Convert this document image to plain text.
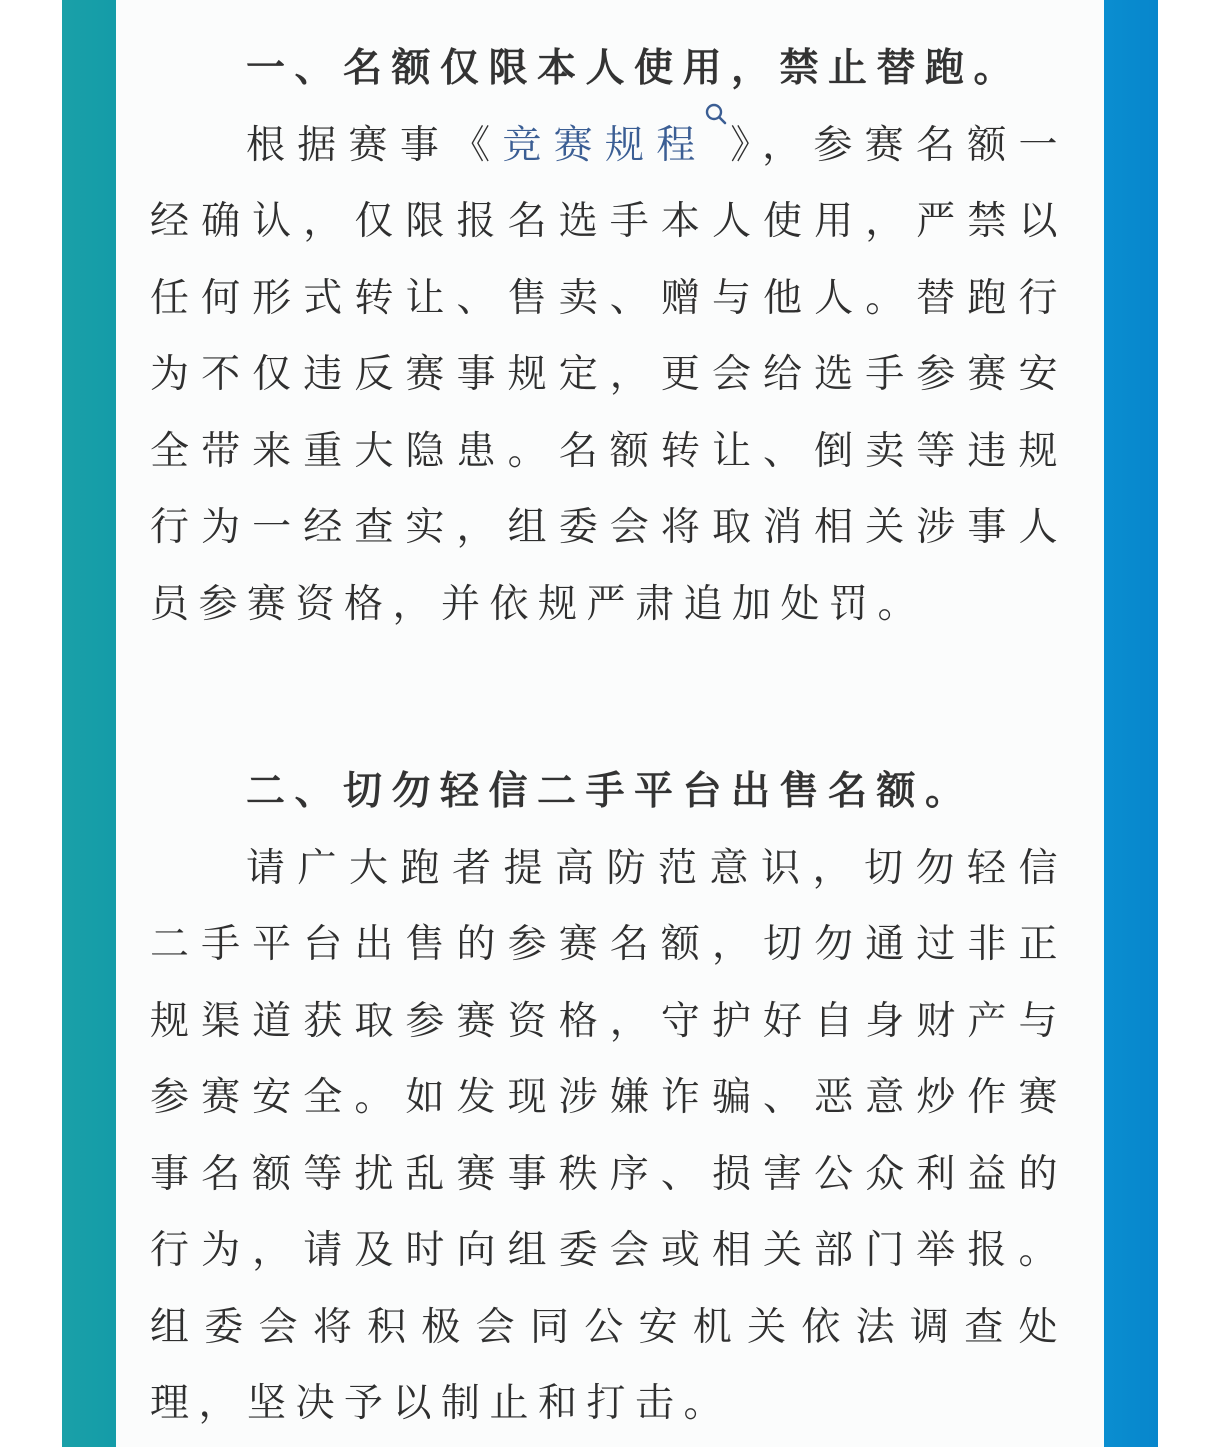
一、名额仅限本人使用，禁止替跑。

根据赛事《竞赛规程 》，参赛名额一经确认，仅限报名选手本人使用，严禁以任何形式转让、售卖、赠与他人。替跑行为不仅违反赛事规定，更会给选手参赛安全带来重大隐患。名额转让、倒卖等违规行为一经查实，组委会将取消相关涉事人员参赛资格，并依规严肃追加处罚。

二、切勿轻信二手平台出售名额。

请广大跑者提高防范意识，切勿轻信二手平台出售的参赛名额，切勿通过非正规渠道获取参赛资格，守护好自身财产与参赛安全。如发现涉嫌诈骗、恶意炒作赛事名额等扰乱赛事秩序、损害公众利益的行为，请及时向组委会或相关部门举报。组委会将积极会同公安机关依法调查处理，坚决予以制止和打击。
